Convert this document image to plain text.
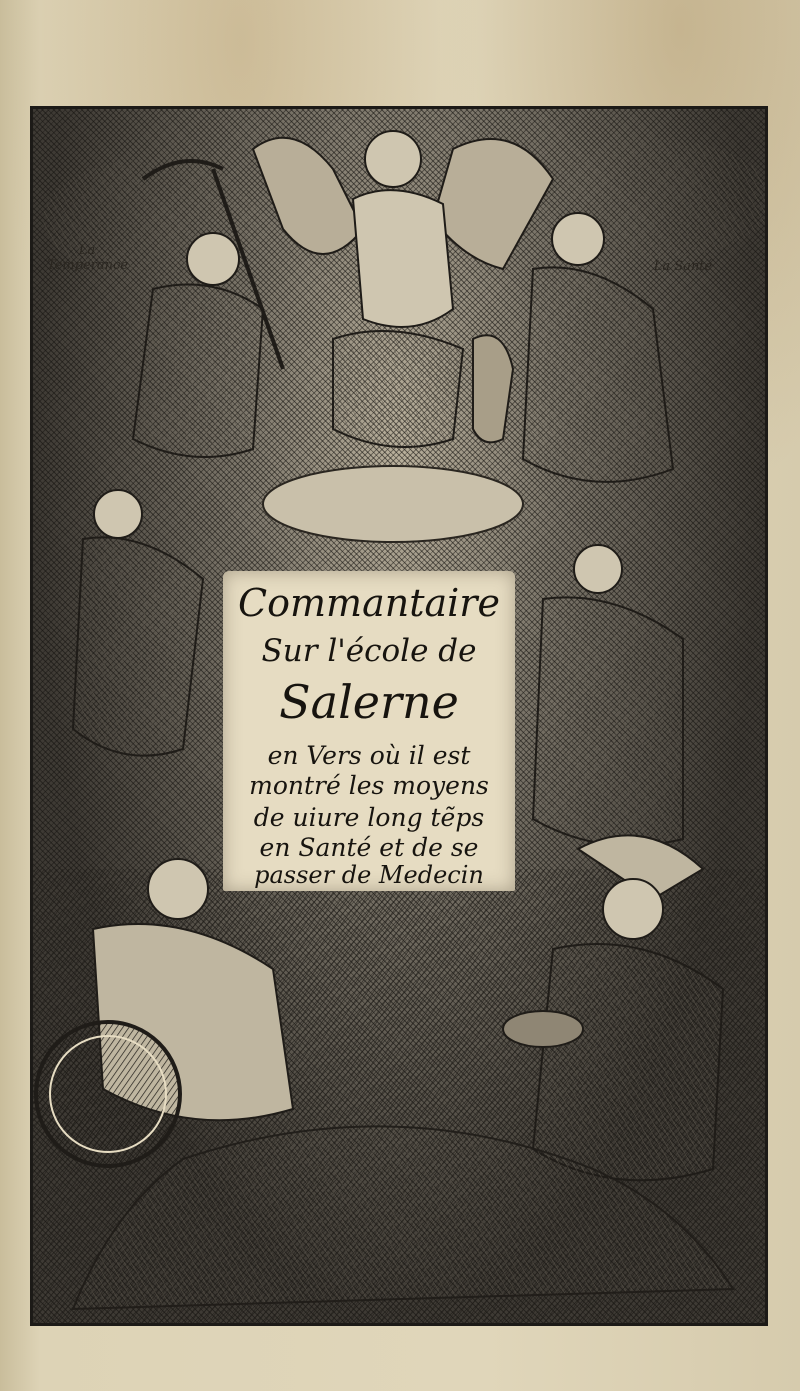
La Temperance	La Santé
Commantaire
Sur l'école de
Salerne
en Vers où il est
montré les moyens
de uiure long tẽps
en Santé et de se
passer de Medecin
